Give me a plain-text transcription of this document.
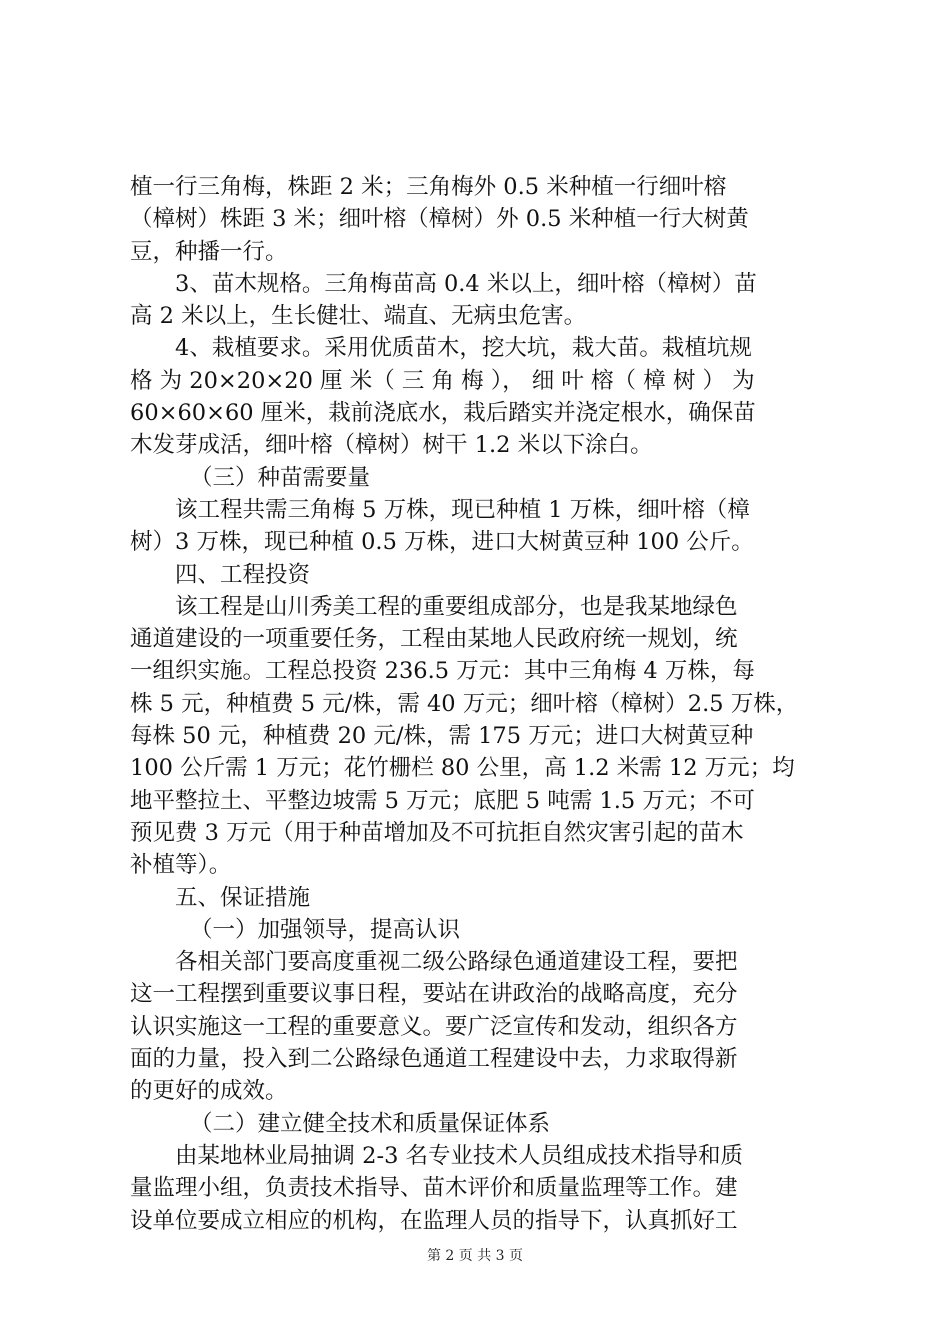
植一行三角梅，株距 2 米；三角梅外 0.5 米种植一行细叶榕
（樟树）株距 3 米；细叶榕（樟树）外 0.5 米种植一行大树黄
豆，种播一行。
3、苗木规格。三角梅苗高 0.4 米以上，细叶榕（樟树）苗
高 2 米以上，生长健壮、端直、无病虫危害。
4、栽植要求。采用优质苗木，挖大坑，栽大苗。栽植坑规
格 为 20×20×20 厘 米（ 三 角 梅 ）， 细 叶 榕（ 樟 树 ） 为
60×60×60 厘米，栽前浇底水，栽后踏实并浇定根水，确保苗
木发芽成活，细叶榕（樟树）树干 1.2 米以下涂白。
（三）种苗需要量
该工程共需三角梅 5 万株，现已种植 1 万株，细叶榕（樟
树）3 万株，现已种植 0.5 万株，进口大树黄豆种 100 公斤。
四、工程投资
该工程是山川秀美工程的重要组成部分，也是我某地绿色
通道建设的一项重要任务，工程由某地人民政府统一规划，统
一组织实施。工程总投资 236.5 万元：其中三角梅 4 万株，每
株 5 元，种植费 5 元/株，需 40 万元；细叶榕（樟树）2.5 万株，
每株 50 元，种植费 20 元/株，需 175 万元；进口大树黄豆种
100 公斤需 1 万元；花竹栅栏 80 公里，高 1.2 米需 12 万元；均
地平整拉土、平整边坡需 5 万元；底肥 5 吨需 1.5 万元；不可
预见费 3 万元（用于种苗增加及不可抗拒自然灾害引起的苗木
补植等）。
五、保证措施
（一）加强领导，提高认识
各相关部门要高度重视二级公路绿色通道建设工程，要把
这一工程摆到重要议事日程，要站在讲政治的战略高度，充分
认识实施这一工程的重要意义。要广泛宣传和发动，组织各方
面的力量，投入到二公路绿色通道工程建设中去，力求取得新
的更好的成效。
（二）建立健全技术和质量保证体系
由某地林业局抽调 2-3 名专业技术人员组成技术指导和质
量监理小组，负责技术指导、苗木评价和质量监理等工作。建
设单位要成立相应的机构，在监理人员的指导下，认真抓好工
第 2 页 共 3 页
